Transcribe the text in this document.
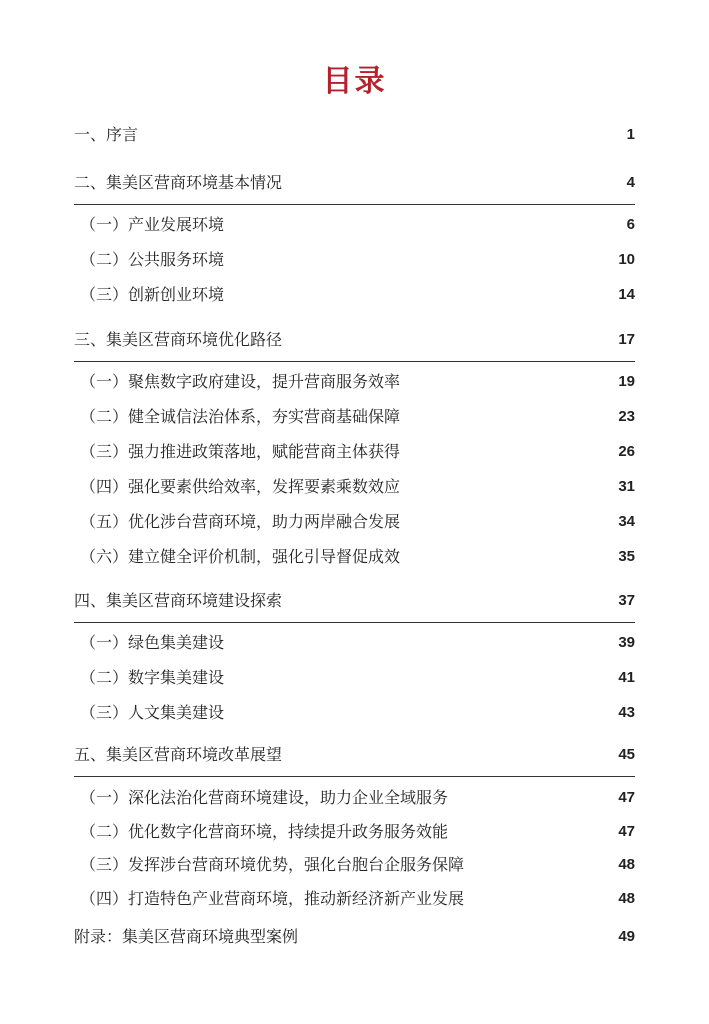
目录
一、序言	1
二、集美区营商环境基本情况	4
（一）产业发展环境	6
（二）公共服务环境	10
（三）创新创业环境	14
三、集美区营商环境优化路径	17
（一）聚焦数字政府建设，提升营商服务效率	19
（二）健全诚信法治体系，夯实营商基础保障	23
（三）强力推进政策落地，赋能营商主体获得	26
（四）强化要素供给效率，发挥要素乘数效应	31
（五）优化涉台营商环境，助力两岸融合发展	34
（六）建立健全评价机制，强化引导督促成效	35
四、集美区营商环境建设探索	37
（一）绿色集美建设	39
（二）数字集美建设	41
（三）人文集美建设	43
五、集美区营商环境改革展望	45
（一）深化法治化营商环境建设，助力企业全域服务	47
（二）优化数字化营商环境，持续提升政务服务效能	47
（三）发挥涉台营商环境优势，强化台胞台企服务保障	48
（四）打造特色产业营商环境，推动新经济新产业发展	48
附录：集美区营商环境典型案例	49
